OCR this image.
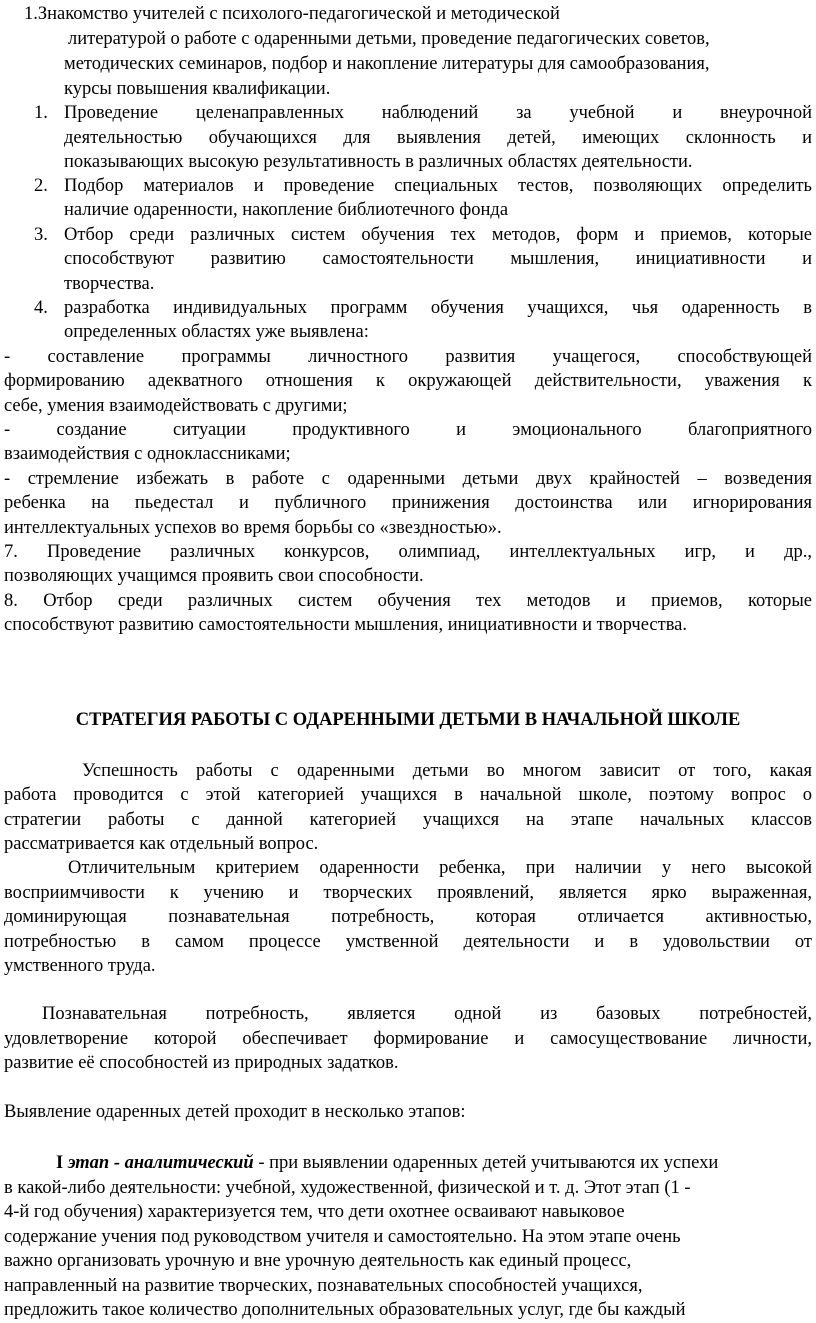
1.Знакомство учителей с психолого-педагогической и методической
литературой о работе с одаренными детьми, проведение педагогических советов,
методических семинаров, подбор и накопление литературы для самообразования,
курсы повышения квалификации.
1. Проведение целенаправленных наблюдений за учебной и внеурочной
деятельностью обучающихся для выявления детей, имеющих склонность и
показывающих высокую результативность в различных областях деятельности.
2. Подбор материалов и проведение специальных тестов, позволяющих определить
наличие одаренности, накопление библиотечного фонда
3. Отбор среди различных систем обучения тех методов, форм и приемов, которые
способствуют развитию самостоятельности мышления, инициативности и
творчества.
4. разработка индивидуальных программ обучения учащихся, чья одаренность в
определенных областях уже выявлена:
- составление программы личностного развития учащегося, способствующей
формированию адекватного отношения к окружающей действительности, уважения к
себе, умения взаимодействовать с другими;
- создание ситуации продуктивного и эмоционального благоприятного
взаимодействия с одноклассниками;
- стремление избежать в работе с одаренными детьми двух крайностей – возведения
ребенка на пьедестал и публичного принижения достоинства или игнорирования
интеллектуальных успехов во время борьбы со «звездностью».
7. Проведение различных конкурсов, олимпиад, интеллектуальных игр, и др.,
позволяющих учащимся проявить свои способности.
8. Отбор среди различных систем обучения тех методов и приемов, которые
способствуют развитию самостоятельности мышления, инициативности и творчества.
СТРАТЕГИЯ РАБОТЫ С ОДАРЕННЫМИ ДЕТЬМИ В НАЧАЛЬНОЙ ШКОЛЕ
Успешность работы с одаренными детьми во многом зависит от того, какая
работа проводится с этой категорией учащихся в начальной школе, поэтому вопрос о
стратегии работы с данной категорией учащихся на этапе начальных классов
рассматривается как отдельный вопрос.
Отличительным критерием одаренности ребенка, при наличии у него высокой
восприимчивости к учению и творческих проявлений, является ярко выраженная,
доминирующая познавательная потребность, которая отличается активностью,
потребностью в самом процессе умственной деятельности и в удовольствии от
умственного труда.
Познавательная потребность, является одной из базовых потребностей,
удовлетворение которой обеспечивает формирование и самосуществование личности,
развитие её способностей из природных задатков.
Выявление одаренных детей проходит в несколько этапов:
I этап - аналитический - при выявлении одаренных детей учитываются их успехи
в какой-либо деятельности: учебной, художественной, физической и т. д. Этот этап (1 -
4-й год обучения) характеризуется тем, что дети охотнее осваивают навыковое
содержание учения под руководством учителя и самостоятельно. На этом этапе очень
важно организовать урочную и вне урочную деятельность как единый процесс,
направленный на развитие творческих, познавательных способностей учащихся,
предложить такое количество дополнительных образовательных услуг, где бы каждый
